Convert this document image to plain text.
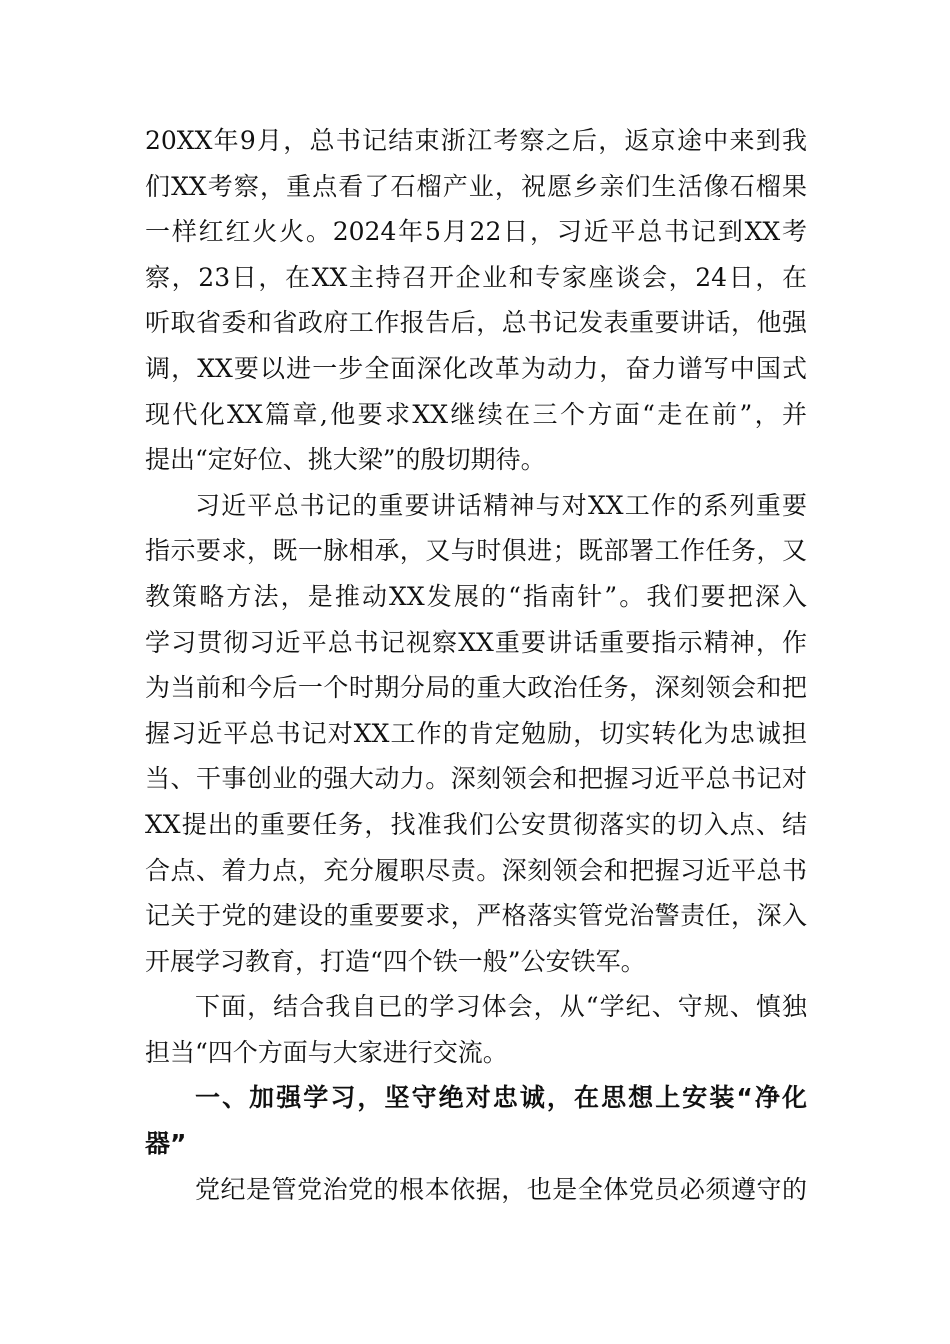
20XX年9月，总书记结束浙江考察之后，返京途中来到我
们XX考察，重点看了石榴产业，祝愿乡亲们生活像石榴果
一样红红火火。2024年5月22日，习近平总书记到XX考
察，23日，在XX主持召开企业和专家座谈会，24日，在
听取省委和省政府工作报告后，总书记发表重要讲话，他强
调，XX要以进一步全面深化改革为动力，奋力谱写中国式
现代化XX篇章,他要求XX继续在三个方面“走在前”，并
提出“定好位、挑大梁”的殷切期待。
习近平总书记的重要讲话精神与对XX工作的系列重要
指示要求，既一脉相承，又与时俱进；既部署工作任务，又
教策略方法，是推动XX发展的“指南针”。我们要把深入
学习贯彻习近平总书记视察XX重要讲话重要指示精神，作
为当前和今后一个时期分局的重大政治任务，深刻领会和把
握习近平总书记对XX工作的肯定勉励，切实转化为忠诚担
当、干事创业的强大动力。深刻领会和把握习近平总书记对
XX提出的重要任务，找准我们公安贯彻落实的切入点、结
合点、着力点，充分履职尽责。深刻领会和把握习近平总书
记关于党的建设的重要要求，严格落实管党治警责任，深入
开展学习教育，打造“四个铁一般”公安铁军。
下面，结合我自已的学习体会，从“学纪、守规、慎独
担当“四个方面与大家进行交流。
一、加强学习，坚守绝对忠诚，在思想上安装“净化
器”
党纪是管党治党的根本依据，也是全体党员必须遵守的
